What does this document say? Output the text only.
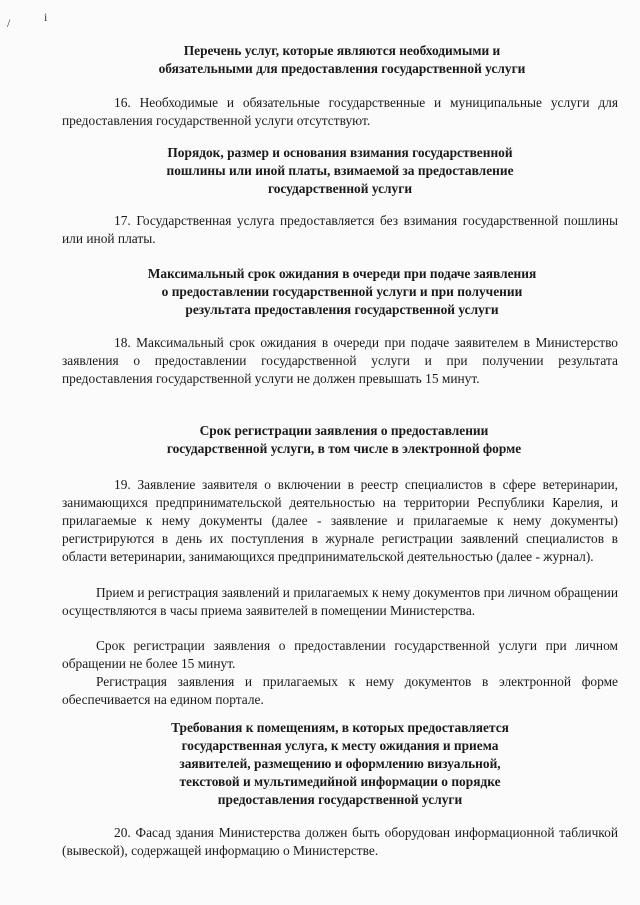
/	i
Перечень услуг, которые являются необходимыми и
обязательными для предоставления государственной услуги
16. Необходимые и обязательные государственные и муниципальные услуги для предоставления государственной услуги отсутствуют.
Порядок, размер и основания взимания государственной
пошлины или иной платы, взимаемой за предоставление
государственной услуги
17. Государственная услуга предоставляется без взимания государственной пошлины или иной платы.
Максимальный срок ожидания в очереди при подаче заявления
о предоставлении государственной услуги и при получении
результата предоставления государственной услуги
18. Максимальный срок ожидания в очереди при подаче заявителем в Министерство заявления о предоставлении государственной услуги и при получении результата предоставления государственной услуги не должен превышать 15 минут.
Срок регистрации заявления о предоставлении
государственной услуги, в том числе в электронной форме
19. Заявление заявителя о включении в реестр специалистов в сфере ветеринарии, занимающихся предпринимательской деятельностью на территории Республики Карелия, и прилагаемые к нему документы (далее - заявление и прилагаемые к нему документы) регистрируются в день их поступления в журнале регистрации заявлений специалистов в области ветеринарии, занимающихся предпринимательской деятельностью (далее - журнал).
Прием и регистрация заявлений и прилагаемых к нему документов при личном обращении осуществляются в часы приема заявителей в помещении Министерства.
Срок регистрации заявления о предоставлении государственной услуги при личном обращении не более 15 минут.
Регистрация заявления и прилагаемых к нему документов в электронной форме обеспечивается на едином портале.
Требования к помещениям, в которых предоставляется
государственная услуга, к месту ожидания и приема
заявителей, размещению и оформлению визуальной,
текстовой и мультимедийной информации о порядке
предоставления государственной услуги
20. Фасад здания Министерства должен быть оборудован информационной табличкой (вывеской), содержащей информацию о Министерстве.
